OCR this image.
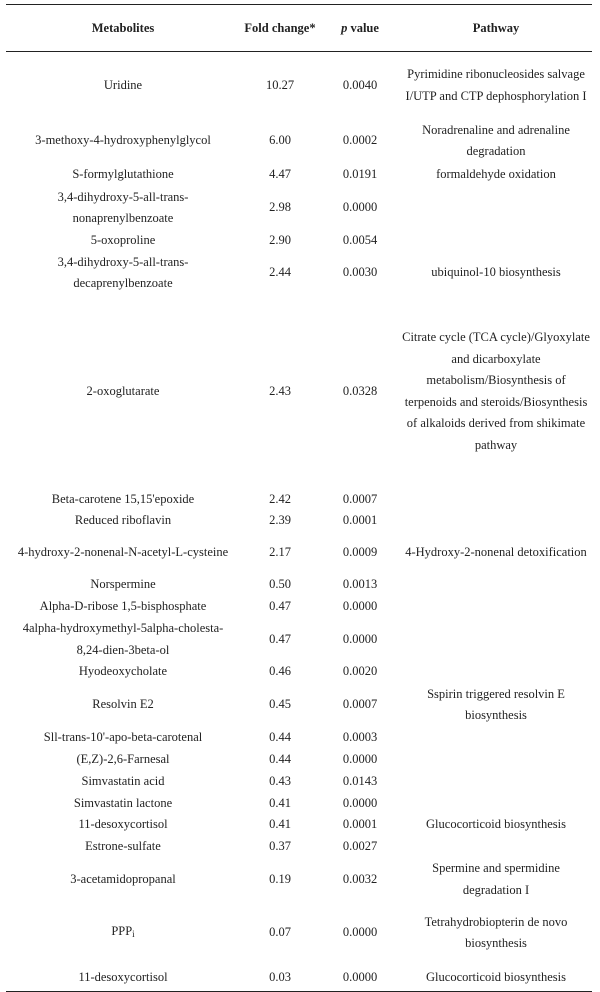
Metabolites	Fold change*	p value	Pathway
Uridine	10.27	0.0040	Pyrimidine ribonucleosides salvage I/UTP and CTP dephosphorylation I
3-methoxy-4-hydroxyphenylglycol	6.00	0.0002	Noradrenaline and adrenaline degradation
S-formylglutathione	4.47	0.0191	formaldehyde oxidation
3,4-dihydroxy-5-all-trans-nonaprenylbenzoate	2.98	0.0000	
5-oxoproline	2.90	0.0054	
3,4-dihydroxy-5-all-trans-decaprenylbenzoate	2.44	0.0030	ubiquinol-10 biosynthesis
2-oxoglutarate	2.43	0.0328	Citrate cycle (TCA cycle)/Glyoxylate and dicarboxylate metabolism/Biosynthesis of terpenoids and steroids/Biosynthesis of alkaloids derived from shikimate pathway
Beta-carotene 15,15'epoxide	2.42	0.0007	
Reduced riboflavin	2.39	0.0001	
4-hydroxy-2-nonenal-N-acetyl-L-cysteine	2.17	0.0009	4-Hydroxy-2-nonenal detoxification
Norspermine	0.50	0.0013	
Alpha-D-ribose 1,5-bisphosphate	0.47	0.0000	
4alpha-hydroxymethyl-5alpha-cholesta-8,24-dien-3beta-ol	0.47	0.0000	
Hyodeoxycholate	0.46	0.0020	
Resolvin E2	0.45	0.0007	Sspirin triggered resolvin E biosynthesis
Sll-trans-10'-apo-beta-carotenal	0.44	0.0003	
(E,Z)-2,6-Farnesal	0.44	0.0000	
Simvastatin acid	0.43	0.0143	
Simvastatin lactone	0.41	0.0000	
11-desoxycortisol	0.41	0.0001	Glucocorticoid biosynthesis
Estrone-sulfate	0.37	0.0027	
3-acetamidopropanal	0.19	0.0032	Spermine and spermidine degradation I
PPPi	0.07	0.0000	Tetrahydrobiopterin de novo biosynthesis
11-desoxycortisol	0.03	0.0000	Glucocorticoid biosynthesis
